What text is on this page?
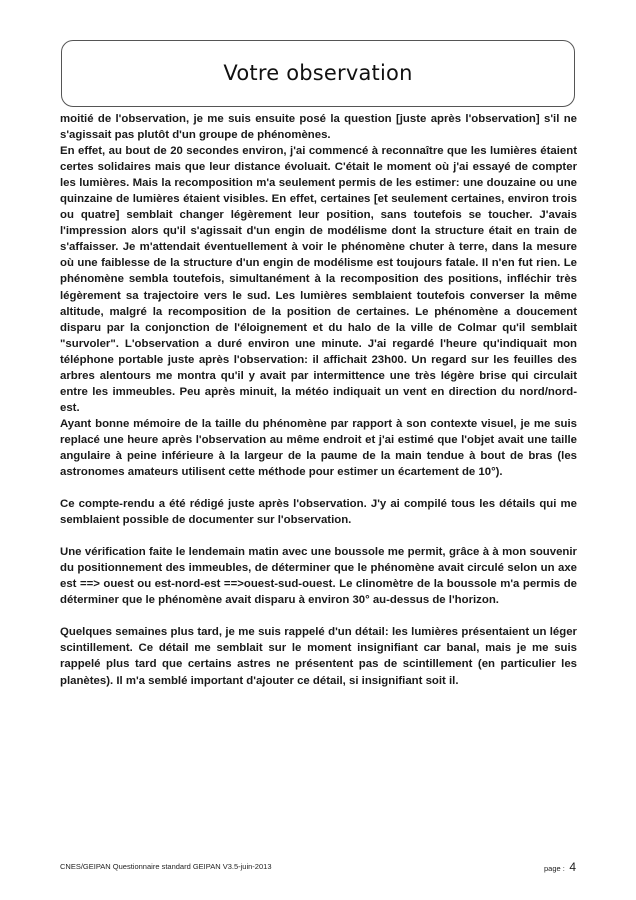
Votre observation

moitié de l'observation, je me suis ensuite posé la question [juste après l'observation] s'il ne s'agissait pas plutôt d'un groupe de phénomènes.

En effet, au bout de 20 secondes environ, j'ai commencé à reconnaître que les lumières étaient certes solidaires mais que leur distance évoluait. C'était le moment où j'ai essayé de compter les lumières. Mais la recomposition m'a seulement permis de les estimer: une douzaine ou une quinzaine de lumières étaient visibles. En effet, certaines [et seulement certaines, environ trois ou quatre] semblait changer légèrement leur position, sans toutefois se toucher. J'avais l'impression alors qu'il s'agissait d'un engin de modélisme dont la structure était en train de s'affaisser. Je m'attendait éventuellement à voir le phénomène chuter à terre, dans la mesure où une faiblesse de la structure d'un engin de modélisme est toujours fatale. Il n'en fut rien. Le phénomène sembla toutefois, simultanément à la recomposition des positions, infléchir très légèrement sa trajectoire vers le sud. Les lumières semblaient toutefois converser la même altitude, malgré la recomposition de la position de certaines. Le phénomène a doucement disparu par la conjonction de l'éloignement et du halo de la ville de Colmar qu'il semblait "survoler". L'observation a duré environ une minute. J'ai regardé l'heure qu'indiquait mon téléphone portable juste après l'observation: il affichait 23h00. Un regard sur les feuilles des arbres alentours me montra qu'il y avait par intermittence une très légère brise qui circulait entre les immeubles. Peu après minuit, la météo indiquait un vent en direction du nord/nord-est.

Ayant bonne mémoire de la taille du phénomène par rapport à son contexte visuel, je me suis replacé une heure après l'observation au même endroit et j'ai estimé que l'objet avait une taille angulaire à peine inférieure à la largeur de la paume de la main tendue à bout de bras (les astronomes amateurs utilisent cette méthode pour estimer un écartement de 10°).

Ce compte-rendu a été rédigé juste après l'observation. J'y ai compilé tous les détails qui me semblaient possible de documenter sur l'observation.

Une vérification faite le lendemain matin avec une boussole me permit, grâce à à mon souvenir du positionnement des immeubles, de déterminer que le phénomène avait circulé selon un axe est ==> ouest ou est-nord-est ==>ouest-sud-ouest. Le clinomètre de la boussole m'a permis de déterminer que le phénomène avait disparu à environ 30° au-dessus de l'horizon.

Quelques semaines plus tard, je me suis rappelé d'un détail: les lumières présentaient un léger scintillement. Ce détail me semblait sur le moment insignifiant car banal, mais je me suis rappelé plus tard que certains astres ne présentent pas de scintillement (en particulier les planètes). Il m'a semblé important d'ajouter ce détail, si insignifiant soit il.

CNES/GEIPAN Questionnaire standard GEIPAN V3.5-juin-2013	page : 4
